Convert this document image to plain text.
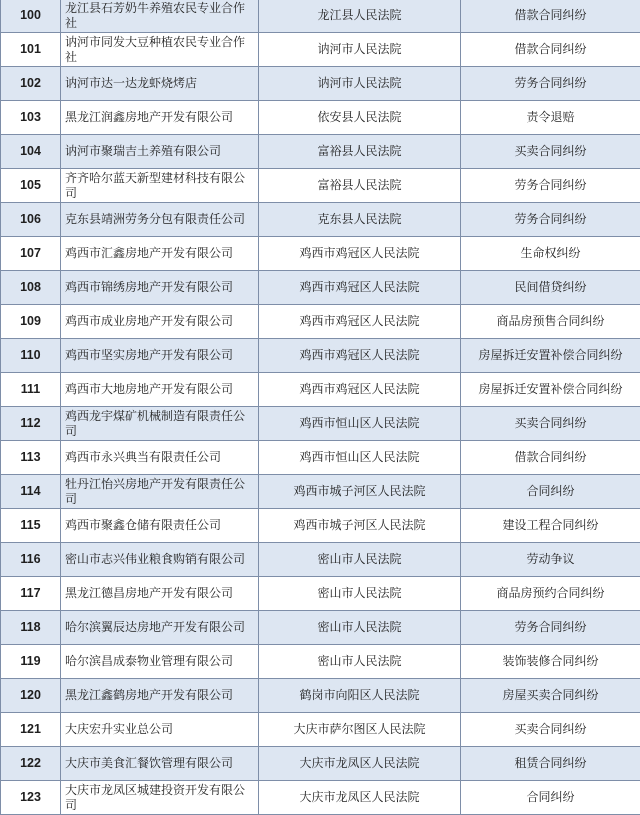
100	龙江县石芳奶牛养殖农民专业合作社	龙江县人民法院	借款合同纠纷
101	讷河市同发大豆种植农民专业合作社	讷河市人民法院	借款合同纠纷
102	讷河市达一达龙虾烧烤店	讷河市人民法院	劳务合同纠纷
103	黑龙江润鑫房地产开发有限公司	依安县人民法院	责令退赔
104	讷河市聚瑞吉土养殖有限公司	富裕县人民法院	买卖合同纠纷
105	齐齐哈尔蓝天新型建材科技有限公司	富裕县人民法院	劳务合同纠纷
106	克东县靖洲劳务分包有限责任公司	克东县人民法院	劳务合同纠纷
107	鸡西市汇鑫房地产开发有限公司	鸡西市鸡冠区人民法院	生命权纠纷
108	鸡西市锦绣房地产开发有限公司	鸡西市鸡冠区人民法院	民间借贷纠纷
109	鸡西市成业房地产开发有限公司	鸡西市鸡冠区人民法院	商品房预售合同纠纷
110	鸡西市坚实房地产开发有限公司	鸡西市鸡冠区人民法院	房屋拆迁安置补偿合同纠纷
111	鸡西市大地房地产开发有限公司	鸡西市鸡冠区人民法院	房屋拆迁安置补偿合同纠纷
112	鸡西龙宇煤矿机械制造有限责任公司	鸡西市恒山区人民法院	买卖合同纠纷
113	鸡西市永兴典当有限责任公司	鸡西市恒山区人民法院	借款合同纠纷
114	牡丹江怡兴房地产开发有限责任公司	鸡西市城子河区人民法院	合同纠纷
115	鸡西市聚鑫仓储有限责任公司	鸡西市城子河区人民法院	建设工程合同纠纷
116	密山市志兴伟业粮食购销有限公司	密山市人民法院	劳动争议
117	黑龙江德昌房地产开发有限公司	密山市人民法院	商品房预约合同纠纷
118	哈尔滨翼辰达房地产开发有限公司	密山市人民法院	劳务合同纠纷
119	哈尔滨昌成泰物业管理有限公司	密山市人民法院	装饰装修合同纠纷
120	黑龙江鑫鹤房地产开发有限公司	鹤岗市向阳区人民法院	房屋买卖合同纠纷
121	大庆宏升实业总公司	大庆市萨尔图区人民法院	买卖合同纠纷
122	大庆市美食汇餐饮管理有限公司	大庆市龙凤区人民法院	租赁合同纠纷
123	大庆市龙凤区城建投资开发有限公司	大庆市龙凤区人民法院	合同纠纷
